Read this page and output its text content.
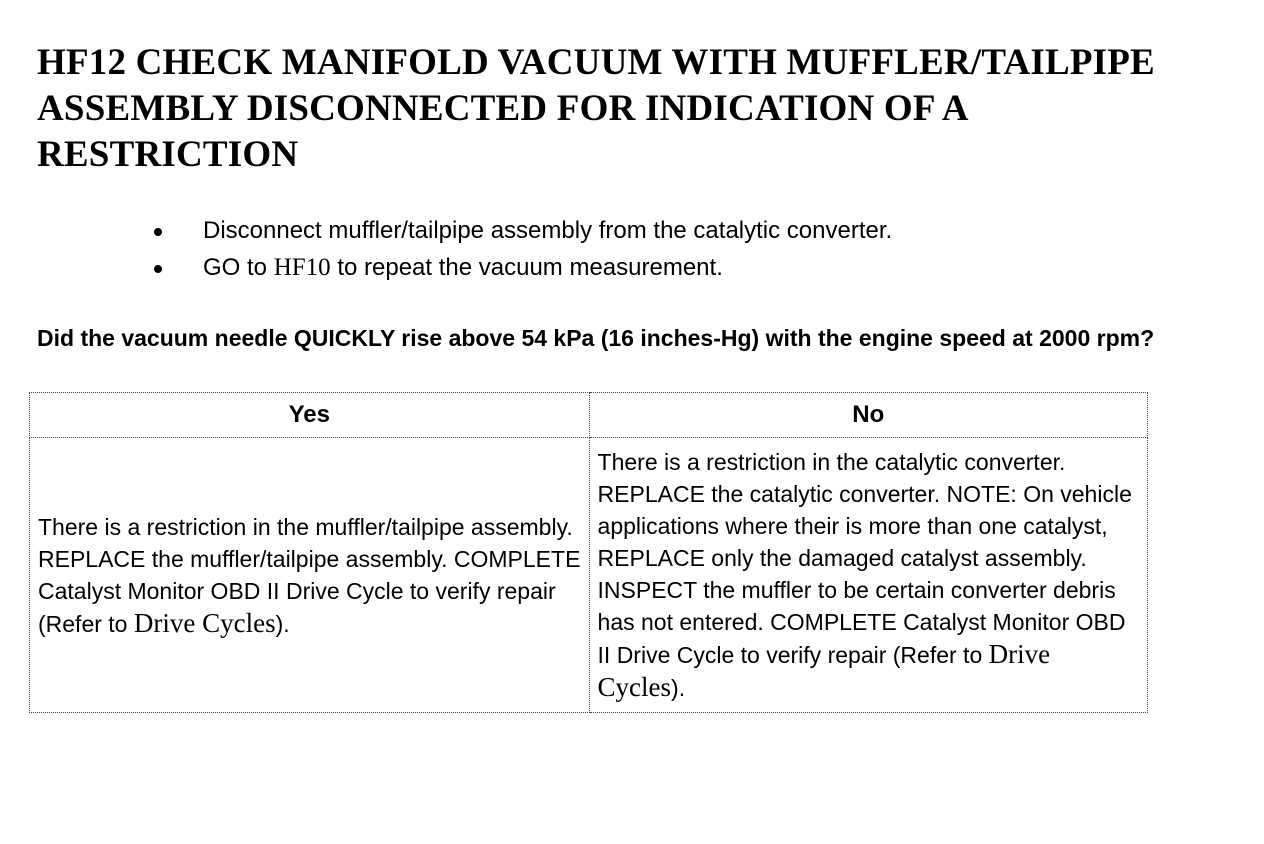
HF12 CHECK MANIFOLD VACUUM WITH MUFFLER/TAILPIPE ASSEMBLY DISCONNECTED FOR INDICATION OF A RESTRICTION
Disconnect muffler/tailpipe assembly from the catalytic converter.
GO to HF10 to repeat the vacuum measurement.

Did the vacuum needle QUICKLY rise above 54 kPa (16 inches-Hg) with the engine speed at 2000 rpm?

Yes	No
There is a restriction in the muffler/tailpipe assembly. REPLACE the muffler/tailpipe assembly. COMPLETE Catalyst Monitor OBD II Drive Cycle to verify repair (Refer to Drive Cycles).	There is a restriction in the catalytic converter. REPLACE the catalytic converter. NOTE: On vehicle applications where their is more than one catalyst, REPLACE only the damaged catalyst assembly. INSPECT the muffler to be certain converter debris has not entered. COMPLETE Catalyst Monitor OBD II Drive Cycle to verify repair (Refer to Drive Cycles).
